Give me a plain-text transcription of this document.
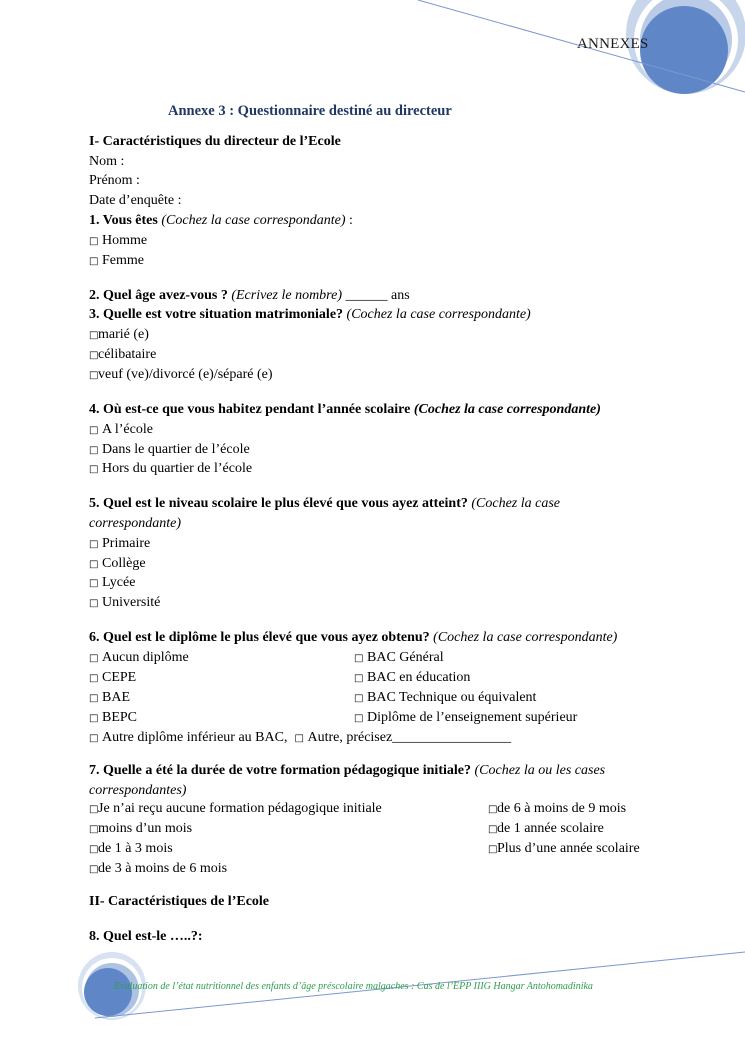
ANNEXES
Annexe 3 : Questionnaire destiné au directeur
I- Caractéristiques du directeur de l’Ecole
Nom :
Prénom :
Date d’enquête :
1. Vous êtes (Cochez la case correspondante) :
□ Homme
□ Femme
2. Quel âge avez-vous ? (Ecrivez le nombre) ______ ans
3. Quelle est votre situation matrimoniale? (Cochez la case correspondante)
□marié (e)
□célibataire
□veuf (ve)/divorcé (e)/séparé (e)
4. Où est-ce que vous habitez pendant l’année scolaire (Cochez la case correspondante)
□ A l’école
□ Dans le quartier de l’école
□ Hors du quartier de l’école
5. Quel est le niveau scolaire le plus élevé que vous ayez atteint? (Cochez la case
correspondante)
□ Primaire
□ Collège
□ Lycée
□ Université
6. Quel est le diplôme le plus élevé que vous ayez obtenu? (Cochez la case correspondante)
□ Aucun diplôme
□ CEPE
□ BAE
□ BEPC
□ BAC Général
□ BAC en éducation
□ BAC Technique ou équivalent
□ Diplôme de l’enseignement supérieur
□ Autre diplôme inférieur au BAC, □ Autre, précisez_________________
7. Quelle a été la durée de votre formation pédagogique initiale? (Cochez la ou les cases
correspondantes)
□Je n’ai reçu aucune formation pédagogique initiale
□moins d’un mois
□de 1 à 3 mois
□de 3 à moins de 6 mois
□de 6 à moins de 9 mois
□de 1 année scolaire
□Plus d’une année scolaire
II- Caractéristiques de l’Ecole
8. Quel est-le …..?:
Evaluation de l’état nutritionnel des enfants d’âge préscolaire malgaches : Cas de l’EPP IIIG Hangar Antohomadinika
